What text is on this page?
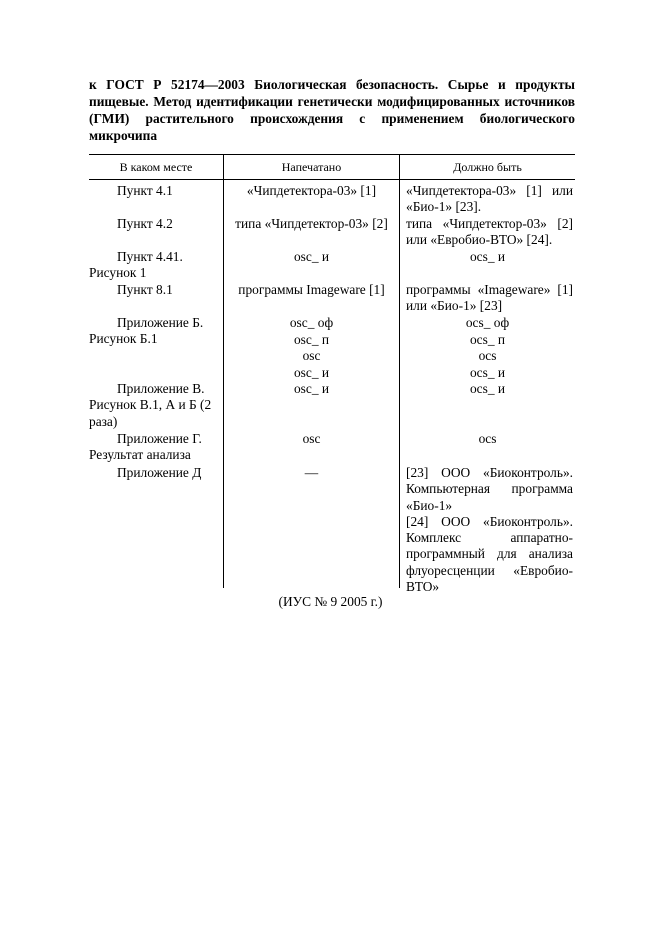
к ГОСТ Р 52174—2003 Биологическая безопасность. Сырье и продукты пищевые. Метод идентификации генетически модифицированных источников (ГМИ) растительного происхождения с применением биологического микрочипа
В каком месте	Напечатано	Должно быть
Пункт 4.1
Пункт 4.2
Пункт 4.41. Рисунок 1
Пункт 8.1
Приложение Б. Рисунок Б.1
Приложение В. Рисунок В.1, А и Б (2 раза)
Приложение Г. Результат анализа
Приложение Д
«Чипдетектора-03» [1]
типа «Чипдетектор-03» [2]
osc_ и
программы Imageware [1]
osc_ оф
osc_ п
osc
osc_ и
osc_ и
osc
—
«Чипдетектора-03» [1] или «Био-1» [23].
типа «Чипдетектор-03» [2] или «Евробио-ВТО» [24].
ocs_ и
программы «Imageware» [1] или «Био-1» [23]
ocs_ оф
ocs_ п
ocs
ocs_ и
ocs_ и
ocs
[23] ООО «Биоконтроль». Компьютерная программа «Био-1»
[24] ООО «Биоконтроль». Комплекс аппаратно-программный для анализа флуоресценции «Евробио-ВТО»
(ИУС № 9 2005 г.)
